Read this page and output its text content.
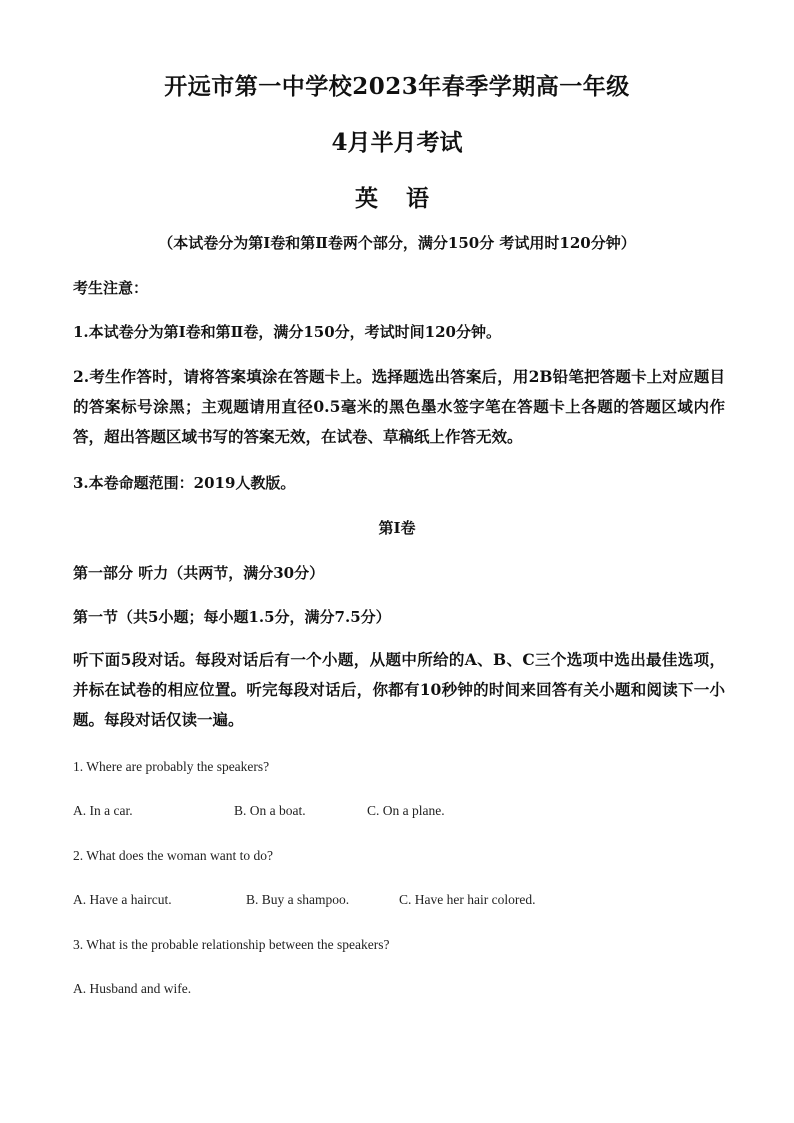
开远市第一中学校2023年春季学期高一年级
4月半月考试
英 语
（本试卷分为第Ⅰ卷和第Ⅱ卷两个部分，满分150分 考试用时120分钟）
考生注意：
1.本试卷分为第Ⅰ卷和第Ⅱ卷，满分150分，考试时间120分钟。
2.考生作答时，请将答案填涂在答题卡上。选择题选出答案后，用2B铅笔把答题卡上对应题目的答案标号涂黑；主观题请用直径0.5毫米的黑色墨水签字笔在答题卡上各题的答题区域内作答，超出答题区域书写的答案无效，在试卷、草稿纸上作答无效。
3.本卷命题范围：2019人教版。
第I卷
第一部分 听力（共两节，满分30分）
第一节（共5小题；每小题1.5分，满分7.5分）
听下面5段对话。每段对话后有一个小题，从题中所给的A、B、C三个选项中选出最佳选项，并标在试卷的相应位置。听完每段对话后，你都有10秒钟的时间来回答有关小题和阅读下一小题。每段对话仅读一遍。
1. Where are probably the speakers?
A. In a car.	B. On a boat.	C. On a plane.
2. What does the woman want to do?
A. Have a haircut.	B. Buy a shampoo.	C. Have her hair colored.
3. What is the probable relationship between the speakers?
A. Husband and wife.
